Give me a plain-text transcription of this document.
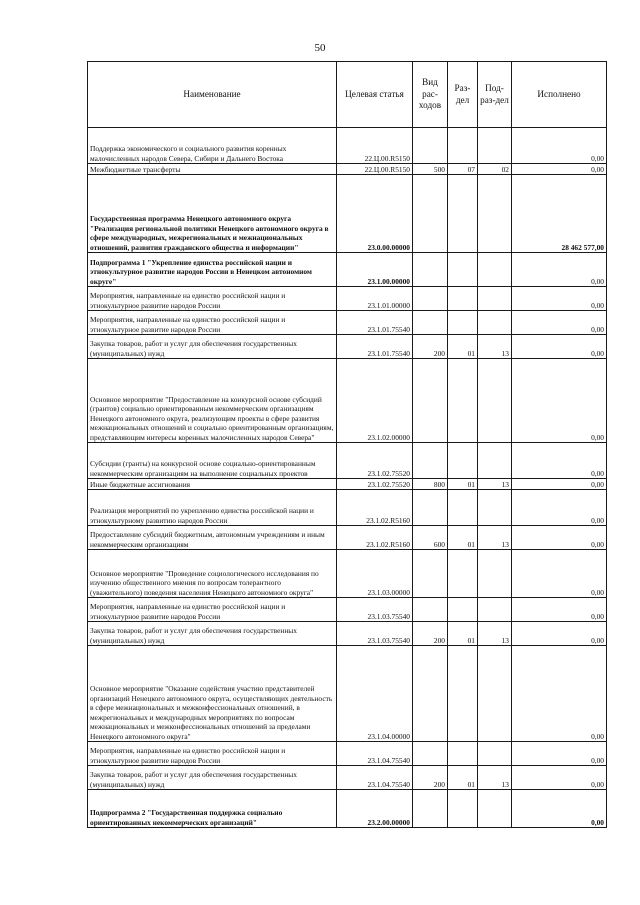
50
Наименование	Целевая статья	Вид рас-ходов	Раз-дел	Под-раз-дел	Исполнено
Поддержка экономического и социального развития коренных малочисленных народов Севера, Сибири и Дальнего Востока	22.Ц.00.R5150				0,00
Межбюджетные трансферты	22.Ц.00.R5150	500	07	02	0,00
Государственная программа Ненецкого автономного округа "Реализация региональной политики Ненецкого автономного округа в сфере международных, межрегиональных и межнациональных отношений, развития гражданского общества и информации"	23.0.00.00000				28 462 577,00
Подпрограмма 1 "Укрепление единства российской нации и этнокультурное развитие народов России в Ненецком автономном округе"	23.1.00.00000				0,00
Мероприятия, направленные на единство российской нации и этнокультурное развитие народов России	23.1.01.00000				0,00
Мероприятия, направленные на единство российской нации и этнокультурное развитие народов России	23.1.01.75540				0,00
Закупка товаров, работ и услуг для обеспечения государственных (муниципальных) нужд	23.1.01.75540	200	01	13	0,00
Основное мероприятие "Предоставление на конкурсной основе субсидий (грантов) социально ориентированным некоммерческим организациям Ненецкого автономного округа, реализующим проекты в сфере развития межнациональных отношений и социально ориентированным организациям, представляющим интересы коренных малочисленных народов Севера"	23.1.02.00000				0,00
Субсидии (гранты) на конкурсной основе социально-ориентированным некоммерческим организациям на выполнение социальных проектов	23.1.02.75520				0,00
Иные бюджетные ассигнования	23.1.02.75520	800	01	13	0,00
Реализация мероприятий по укреплению единства российской нации и этнокультурному развитию народов России	23.1.02.R5160				0,00
Предоставление субсидий бюджетным, автономным учреждениям и иным некоммерческим организациям	23.1.02.R5160	600	01	13	0,00
Основное мероприятие "Проведение социологического исследования по изучению общественного мнения по вопросам толерантного (уважительного) поведения населения Ненецкого автономного округа"	23.1.03.00000				0,00
Мероприятия, направленные на единство российской нации и этнокультурное развитие народов России	23.1.03.75540				0,00
Закупка товаров, работ и услуг для обеспечения государственных (муниципальных) нужд	23.1.03.75540	200	01	13	0,00
Основное мероприятие "Оказание содействия участию представителей организаций Ненецкого автономного округа, осуществляющих деятельность в сфере межнациональных и межконфессиональных отношений, в межрегиональных и международных мероприятиях по вопросам межнациональных и межконфессиональных отношений за пределами Ненецкого автономного округа"	23.1.04.00000				0,00
Мероприятия, направленные на единство российской нации и этнокультурное развитие народов России	23.1.04.75540				0,00
Закупка товаров, работ и услуг для обеспечения государственных (муниципальных) нужд	23.1.04.75540	200	01	13	0,00
Подпрограмма 2 "Государственная поддержка социально ориентированных некоммерческих организаций"	23.2.00.00000				0,00
